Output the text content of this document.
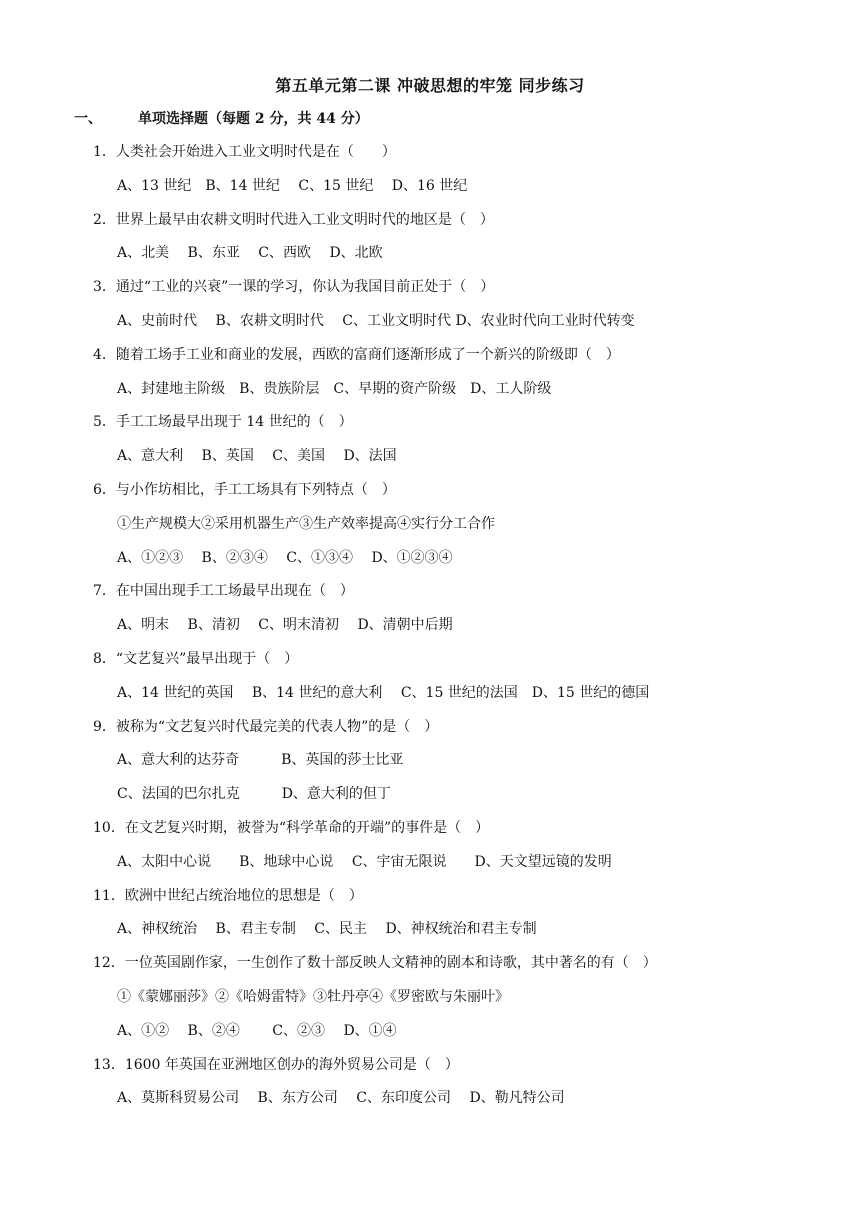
第五单元第二课 冲破思想的牢笼 同步练习
一、	单项选择题（每题 2 分，共 44 分）
1．人类社会开始进入工业文明时代是在（　　）
A、13 世纪　B、14 世纪　 C、15 世纪　 D、16 世纪
2．世界上最早由农耕文明时代进入工业文明时代的地区是（　）
A、北美　 B、东亚　 C、西欧　 D、北欧
3．通过“工业的兴衰”一课的学习，你认为我国目前正处于（　）
A、史前时代　 B、农耕文明时代　 C、工业文明时代 D、农业时代向工业时代转变
4．随着工场手工业和商业的发展，西欧的富商们逐渐形成了一个新兴的阶级即（　）
A、封建地主阶级　B、贵族阶层　C、早期的资产阶级　D、工人阶级
5．手工工场最早出现于 14 世纪的（　）
A、意大利　 B、英国　 C、美国　 D、法国
6．与小作坊相比，手工工场具有下列特点（　）
①生产规模大②采用机器生产③生产效率提高④实行分工合作
A、①②③　 B、②③④　 C、①③④　 D、①②③④
7．在中国出现手工工场最早出现在（　）
A、明末　 B、清初　 C、明末清初　 D、清朝中后期
8．“文艺复兴”最早出现于（　）
A、14 世纪的英国　 B、14 世纪的意大利　 C、15 世纪的法国　D、15 世纪的德国
9．被称为“文艺复兴时代最完美的代表人物”的是（　）
A、意大利的达芬奇　　　B、英国的莎士比亚
C、法国的巴尔扎克　　　D、意大利的但丁
10．在文艺复兴时期，被誉为“科学革命的开端”的事件是（　）
A、太阳中心说　　B、地球中心说　 C、宇宙无限说　　D、天文望远镜的发明
11．欧洲中世纪占统治地位的思想是（　）
A、神权统治　 B、君主专制　 C、民主　 D、神权统治和君主专制
12．一位英国剧作家，一生创作了数十部反映人文精神的剧本和诗歌，其中著名的有（　）
①《蒙娜丽莎》②《哈姆雷特》③牡丹亭④《罗密欧与朱丽叶》
A、①②　 B、②④　　 C、②③　 D、①④
13．1600 年英国在亚洲地区创办的海外贸易公司是（　）
A、莫斯科贸易公司　 B、东方公司　 C、东印度公司　 D、勒凡特公司
